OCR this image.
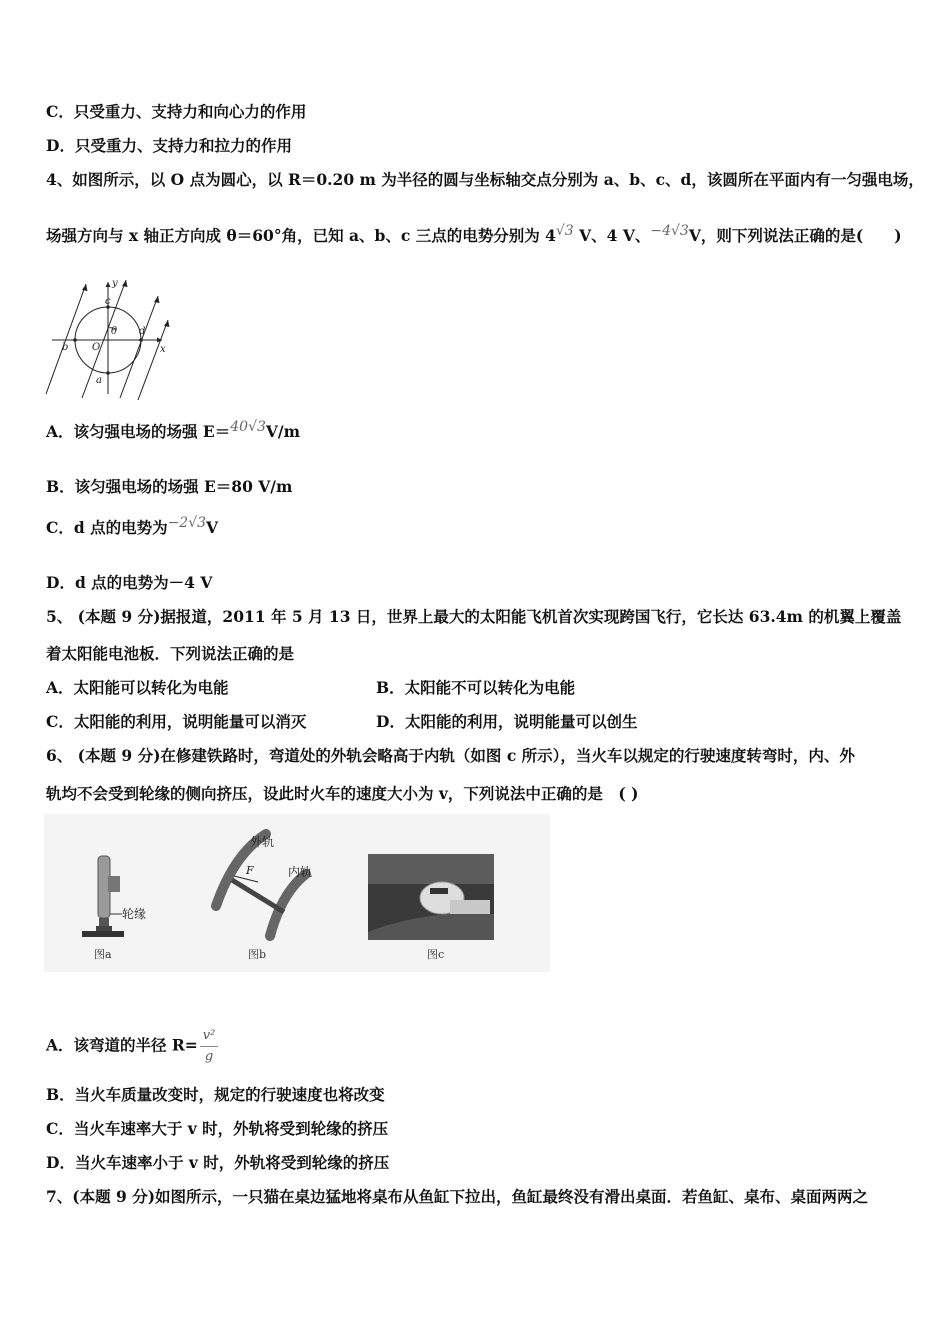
C．只受重力、支持力和向心力的作用
D．只受重力、支持力和拉力的作用
4、如图所示，以 O 点为圆心，以 R＝0.20 m 为半径的圆与坐标轴交点分别为 a、b、c、d，该圆所在平面内有一匀强电场，
场强方向与 x 轴正方向成 θ＝60°角，已知 a、b、c 三点的电势分别为 4√3 V、4 V、−4√3V，则下列说法正确的是(　　)
y
x
c
θ d
b O
a
A．该匀强电场的场强 E＝40√3V/m
B．该匀强电场的场强 E＝80 V/m
C．d 点的电势为−2√3V
D．d 点的电势为－4 V
5、 (本题 9 分)据报道，2011 年 5 月 13 日，世界上最大的太阳能飞机首次实现跨国飞行，它长达 63.4m 的机翼上覆盖
着太阳能电池板．下列说法正确的是
A．太阳能可以转化为电能	B．太阳能不可以转化为电能
C．太阳能的利用，说明能量可以消灭	D．太阳能的利用，说明能量可以创生
6、 (本题 9 分)在修建铁路时，弯道处的外轨会略高于内轨（如图 c 所示），当火车以规定的行驶速度转弯时，内、外
轨均不会受到轮缘的侧向挤压，设此时火车的速度大小为 v，下列说法中正确的是　( )
轮缘
图a
F
外轨
内轨
图b	图c
A．该弯道的半径 $R= \frac{\text{v²}}{g}$
B．当火车质量改变时，规定的行驶速度也将改变
C．当火车速率大于 v 时，外轨将受到轮缘的挤压
D．当火车速率小于 v 时，外轨将受到轮缘的挤压
7、(本题 9 分)如图所示，一只猫在桌边猛地将桌布从鱼缸下拉出，鱼缸最终没有滑出桌面．若鱼缸、桌布、桌面两两之
